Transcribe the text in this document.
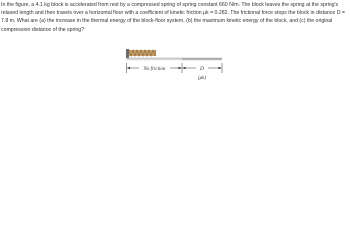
In the figure, a 4.1 kg block is accelerated from rest by a compressed spring of spring constant 660 N/m. The block leaves the spring at the spring's relaxed length and then travels over a horizontal floor with a coefficient of kinetic friction μk = 0.282. The frictional force stops the block in distance D = 7.8 m. What are (a) the increase in the thermal energy of the block-floor system, (b) the maximum kinetic energy of the block, and (c) the original compression distance of the spring?

No friction	D
(μk)
